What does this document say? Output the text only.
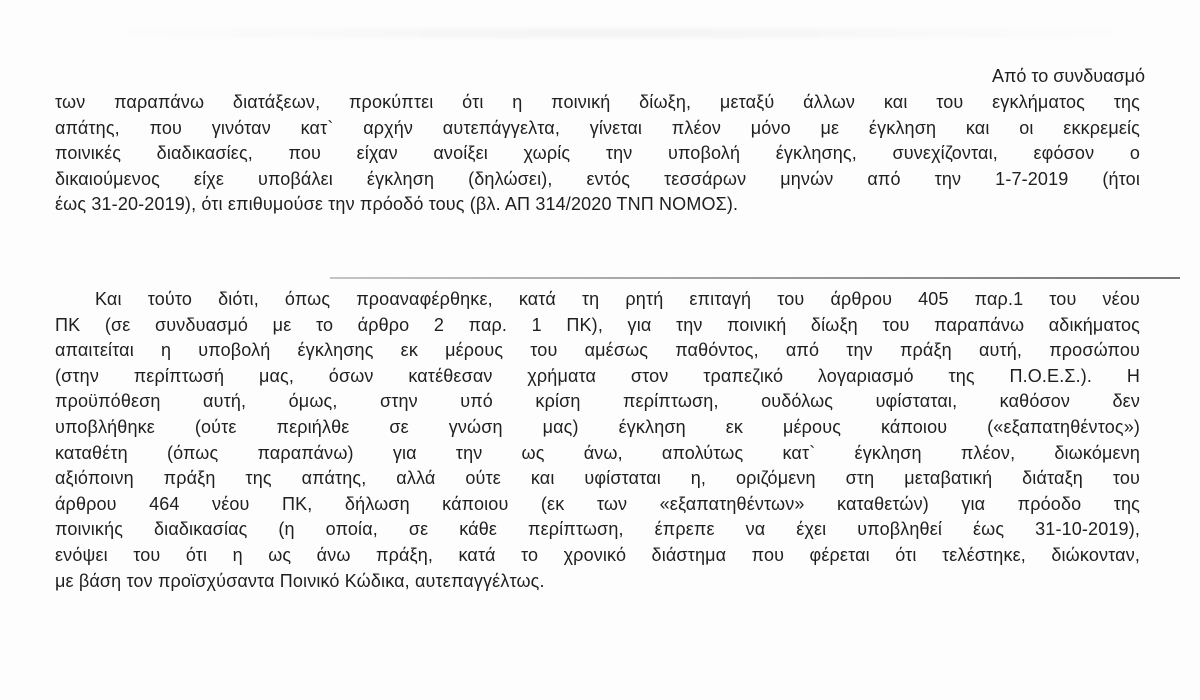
Από το συνδυασμό
των παραπάνω διατάξεων, προκύπτει ότι η ποινική δίωξη, μεταξύ άλλων και του εγκλήματος της
απάτης, που γινόταν κατ` αρχήν αυτεπάγγελτα, γίνεται πλέον μόνο με έγκληση και οι εκκρεμείς
ποινικές διαδικασίες, που είχαν ανοίξει χωρίς την υποβολή έγκλησης, συνεχίζονται, εφόσον ο
δικαιούμενος είχε υποβάλει έγκληση (δηλώσει), εντός τεσσάρων μηνών από την 1-7-2019 (ήτοι
έως 31-20-2019), ότι επιθυμούσε την πρόοδό τους (βλ. ΑΠ 314/2020 ΤΝΠ ΝΟΜΟΣ).
Και τούτο διότι, όπως προαναφέρθηκε, κατά τη ρητή επιταγή του άρθρου 405 παρ.1 του νέου
ΠΚ (σε συνδυασμό με το άρθρο 2 παρ. 1 ΠΚ), για την ποινική δίωξη του παραπάνω αδικήματος
απαιτείται η υποβολή έγκλησης εκ μέρους του αμέσως παθόντος, από την πράξη αυτή, προσώπου
(στην περίπτωσή μας, όσων κατέθεσαν χρήματα στον τραπεζικό λογαριασμό της Π.Ο.Ε.Σ.). Η
προϋπόθεση αυτή, όμως, στην υπό κρίση περίπτωση, ουδόλως υφίσταται, καθόσον δεν
υποβλήθηκε (ούτε περιήλθε σε γνώση μας) έγκληση εκ μέρους κάποιου («εξαπατηθέντος»)
καταθέτη (όπως παραπάνω) για την ως άνω, απολύτως κατ` έγκληση πλέον, διωκόμενη
αξιόποινη πράξη της απάτης, αλλά ούτε και υφίσταται η, οριζόμενη στη μεταβατική διάταξη του
άρθρου 464 νέου ΠΚ, δήλωση κάποιου (εκ των «εξαπατηθέντων» καταθετών) για πρόοδο της
ποινικής διαδικασίας (η οποία, σε κάθε περίπτωση, έπρεπε να έχει υποβληθεί έως 31-10-2019),
ενόψει του ότι η ως άνω πράξη, κατά το χρονικό διάστημα που φέρεται ότι τελέστηκε, διώκονταν,
με βάση τον προϊσχύσαντα Ποινικό Κώδικα, αυτεπαγγέλτως.
